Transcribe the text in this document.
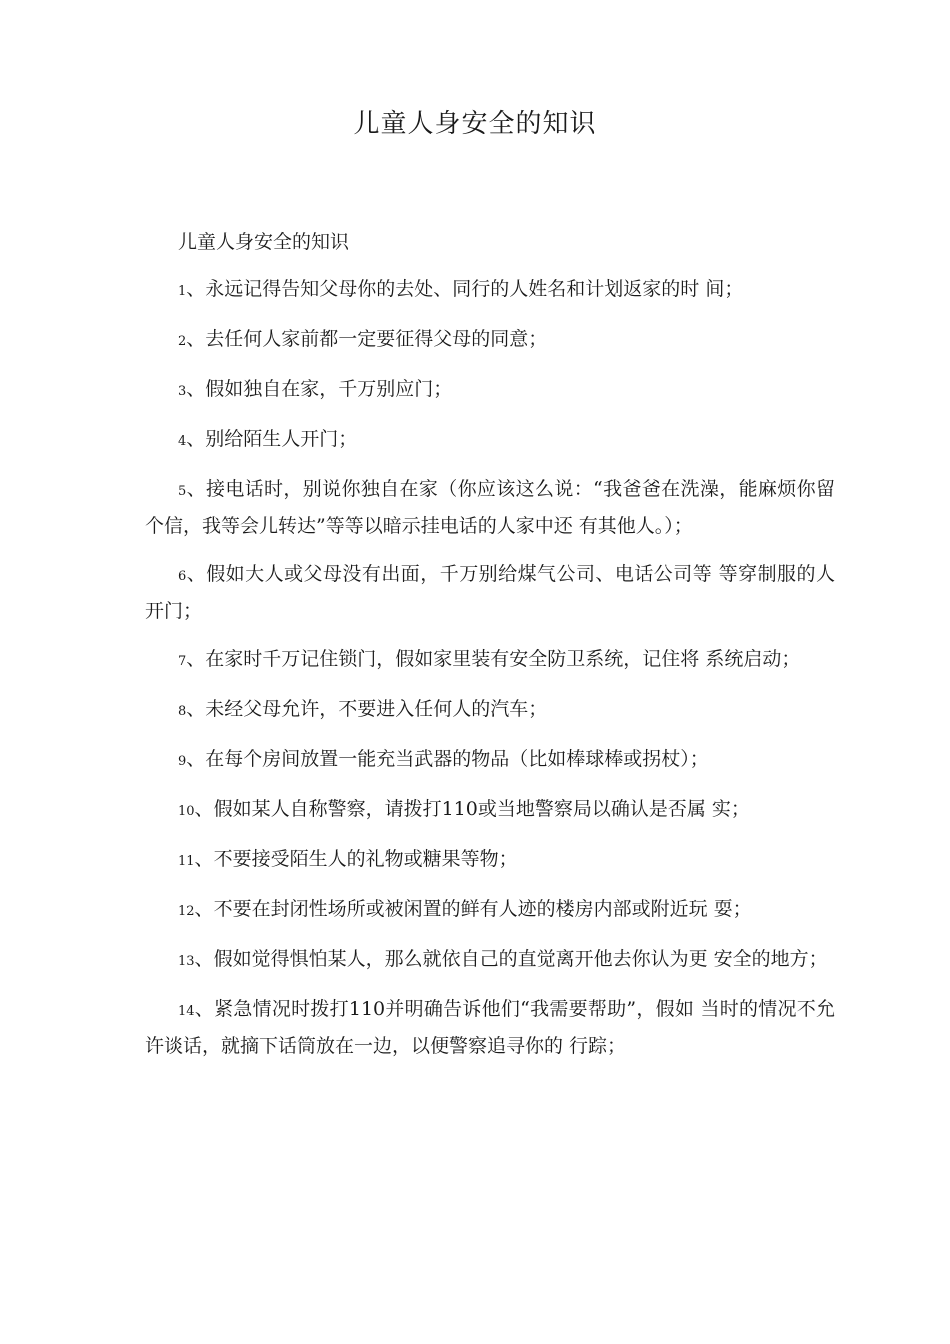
儿童人身安全的知识
儿童人身安全的知识

1、永远记得告知父母你的去处、同行的人姓名和计划返家的时 间；

2、去任何人家前都一定要征得父母的同意；

3、假如独自在家，千万别应门；

4、别给陌生人开门；

5、接电话时，别说你独自在家（你应该这么说：“我爸爸在洗澡，能麻烦你留个信，我等会儿转达”等等以暗示挂电话的人家中还 有其他人。）；

6、假如大人或父母没有出面，千万别给煤气公司、电话公司等 等穿制服的人开门；

7、在家时千万记住锁门，假如家里装有安全防卫系统，记住将 系统启动；

8、未经父母允许，不要进入任何人的汽车；

9、在每个房间放置一能充当武器的物品（比如棒球棒或拐杖）；

10、假如某人自称警察，请拨打110或当地警察局以确认是否属 实；

11、不要接受陌生人的礼物或糖果等物；

12、不要在封闭性场所或被闲置的鲜有人迹的楼房内部或附近玩 耍；

13、假如觉得惧怕某人，那么就依自己的直觉离开他去你认为更 安全的地方；

14、紧急情况时拨打110并明确告诉他们“我需要帮助”，假如 当时的情况不允许谈话，就摘下话筒放在一边，以便警察追寻你的 行踪；
